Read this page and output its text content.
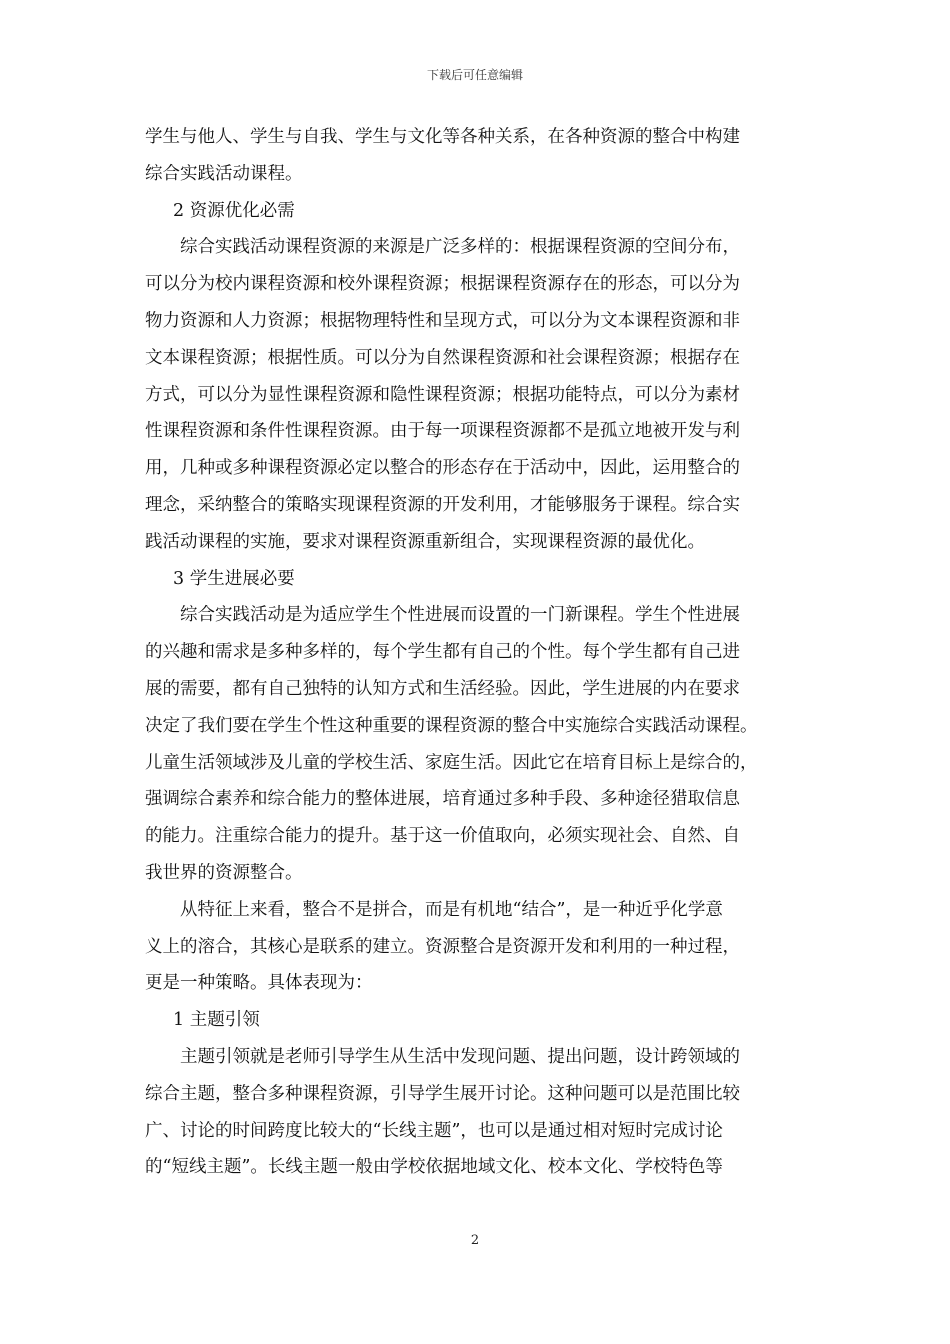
下载后可任意编辑
学生与他人、学生与自我、学生与文化等各种关系，在各种资源的整合中构建
综合实践活动课程。
2 资源优化必需
综合实践活动课程资源的来源是广泛多样的：根据课程资源的空间分布，
可以分为校内课程资源和校外课程资源；根据课程资源存在的形态，可以分为
物力资源和人力资源；根据物理特性和呈现方式，可以分为文本课程资源和非
文本课程资源；根据性质。可以分为自然课程资源和社会课程资源；根据存在
方式，可以分为显性课程资源和隐性课程资源；根据功能特点，可以分为素材
性课程资源和条件性课程资源。由于每一项课程资源都不是孤立地被开发与利
用，几种或多种课程资源必定以整合的形态存在于活动中，因此，运用整合的
理念，采纳整合的策略实现课程资源的开发利用，才能够服务于课程。综合实
践活动课程的实施，要求对课程资源重新组合，实现课程资源的最优化。
3 学生进展必要
综合实践活动是为适应学生个性进展而设置的一门新课程。学生个性进展
的兴趣和需求是多种多样的，每个学生都有自己的个性。每个学生都有自己进
展的需要，都有自己独特的认知方式和生活经验。因此，学生进展的内在要求
决定了我们要在学生个性这种重要的课程资源的整合中实施综合实践活动课程。
儿童生活领域涉及儿童的学校生活、家庭生活。因此它在培育目标上是综合的，
强调综合素养和综合能力的整体进展，培育通过多种手段、多种途径猎取信息
的能力。注重综合能力的提升。基于这一价值取向，必须实现社会、自然、自
我世界的资源整合。
从特征上来看，整合不是拼合，而是有机地“结合”，是一种近乎化学意
义上的溶合，其核心是联系的建立。资源整合是资源开发和利用的一种过程，
更是一种策略。具体表现为：
1 主题引领
主题引领就是老师引导学生从生活中发现问题、提出问题，设计跨领域的
综合主题，整合多种课程资源，引导学生展开讨论。这种问题可以是范围比较
广、讨论的时间跨度比较大的“长线主题”，也可以是通过相对短时完成讨论
的“短线主题”。长线主题一般由学校依据地域文化、校本文化、学校特色等
2
